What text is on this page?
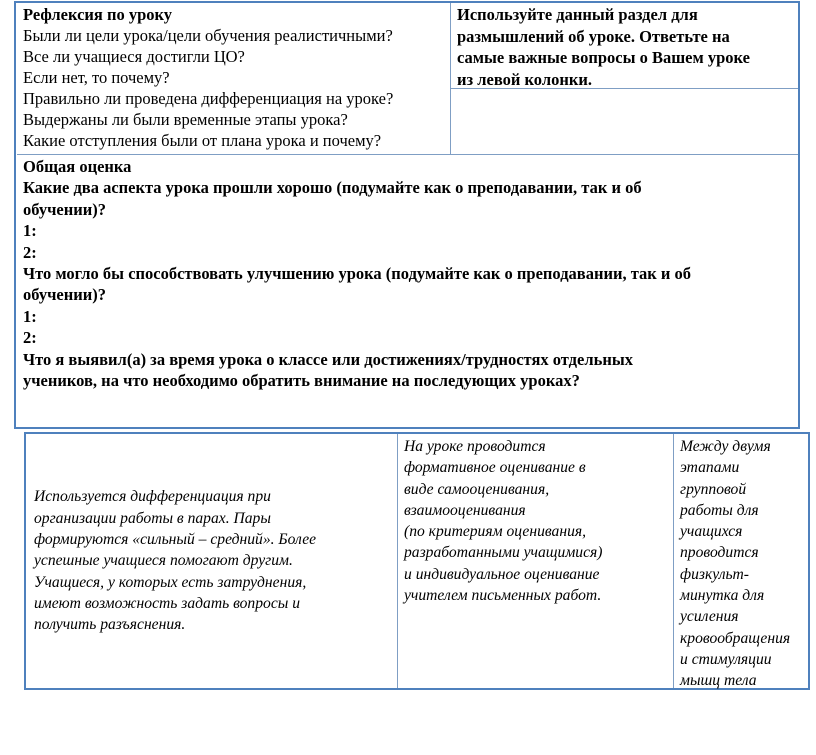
Рефлексия по уроку
Были ли цели урока/цели обучения реалистичными?
Все ли учащиеся достигли ЦО?
Если нет, то почему?
Правильно ли проведена дифференциация на уроке?
Выдержаны ли были временные этапы урока?
Какие отступления были от плана урока и почему?
Используйте данный раздел для
размышлений об уроке. Ответьте на
самые важные вопросы о Вашем уроке
из левой колонки.
Общая оценка
Какие два аспекта урока прошли хорошо (подумайте как о преподавании, так и об
обучении)?
1:
2:
Что могло бы способствовать улучшению урока (подумайте как о преподавании, так и об
обучении)?
1:
2:
Что я выявил(а) за время урока о классе или достижениях/трудностях отдельных
учеников, на что необходимо обратить внимание на последующих уроках?
Используется дифференциация при
организации работы в парах. Пары
формируются «сильный – средний». Более
успешные учащиеся помогают другим.
Учащиеся, у которых есть затруднения,
имеют возможность задать вопросы и
получить разъяснения.
На уроке проводится
формативное оценивание в
виде самооценивания,
взаимооценивания
(по критериям оценивания,
разработанными учащимися)
и индивидуальное оценивание
учителем письменных работ.
Между двумя
этапами
групповой
работы для
учащихся
проводится
физкульт-
минутка для
усиления
кровообращения
и стимуляции
мышц тела
